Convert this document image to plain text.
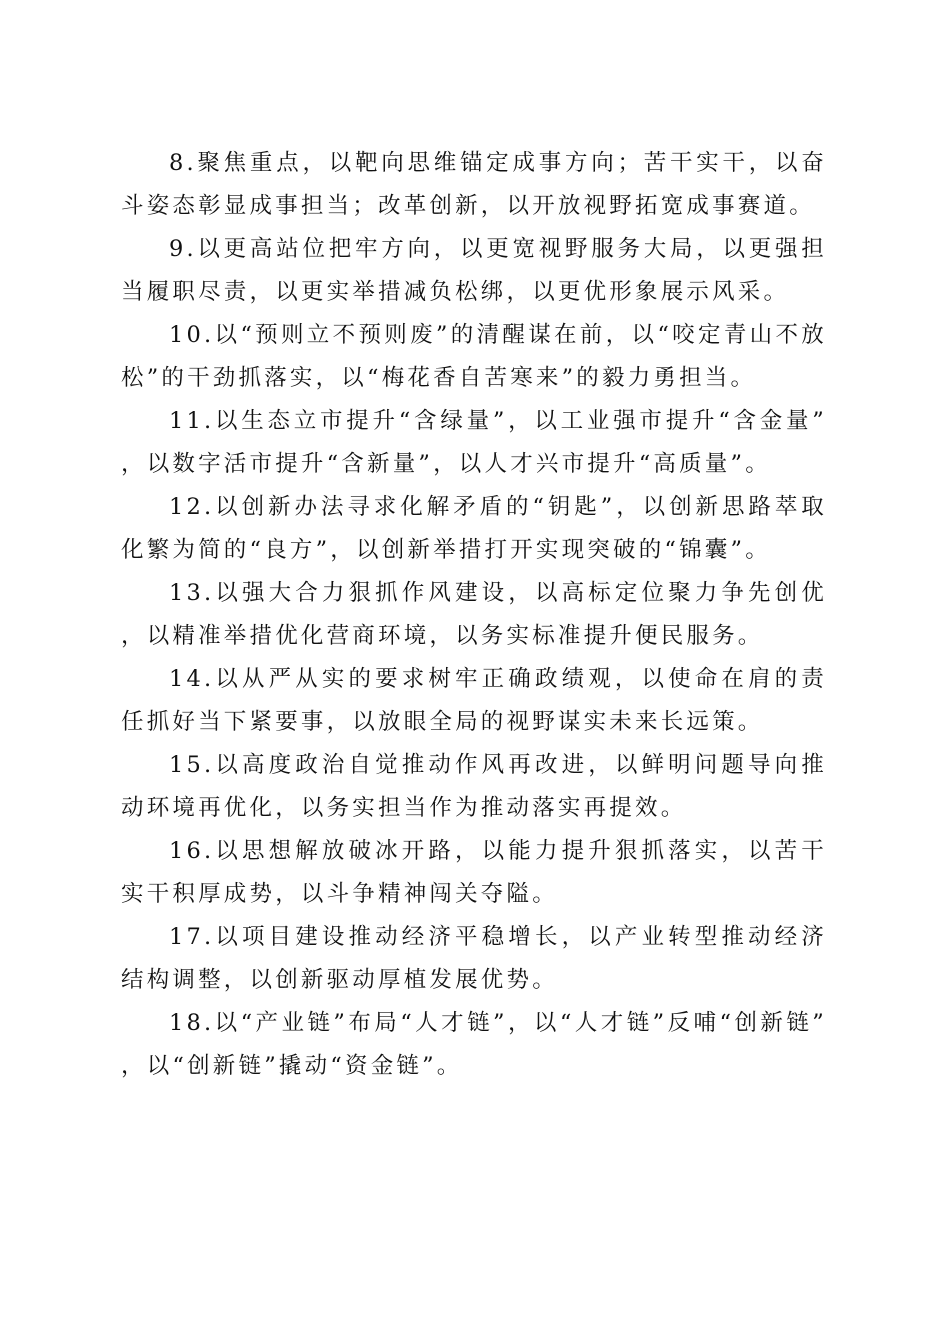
8.聚焦重点，以靶向思维锚定成事方向；苦干实干，以奋斗姿态彰显成事担当；改革创新，以开放视野拓宽成事赛道。

9.以更高站位把牢方向，以更宽视野服务大局，以更强担当履职尽责，以更实举措减负松绑，以更优形象展示风采。

10.以“预则立不预则废”的清醒谋在前，以“咬定青山不放松”的干劲抓落实，以“梅花香自苦寒来”的毅力勇担当。

11.以生态立市提升“含绿量”，以工业强市提升“含金量”，以数字活市提升“含新量”，以人才兴市提升“高质量”。

12.以创新办法寻求化解矛盾的“钥匙”，以创新思路萃取化繁为简的“良方”，以创新举措打开实现突破的“锦囊”。

13.以强大合力狠抓作风建设，以高标定位聚力争先创优，以精准举措优化营商环境，以务实标准提升便民服务。

14.以从严从实的要求树牢正确政绩观，以使命在肩的责任抓好当下紧要事，以放眼全局的视野谋实未来长远策。

15.以高度政治自觉推动作风再改进，以鲜明问题导向推动环境再优化，以务实担当作为推动落实再提效。

16.以思想解放破冰开路，以能力提升狠抓落实，以苦干实干积厚成势，以斗争精神闯关夺隘。

17.以项目建设推动经济平稳增长，以产业转型推动经济结构调整，以创新驱动厚植发展优势。

18.以“产业链”布局“人才链”，以“人才链”反哺“创新链”，以“创新链”撬动“资金链”。
